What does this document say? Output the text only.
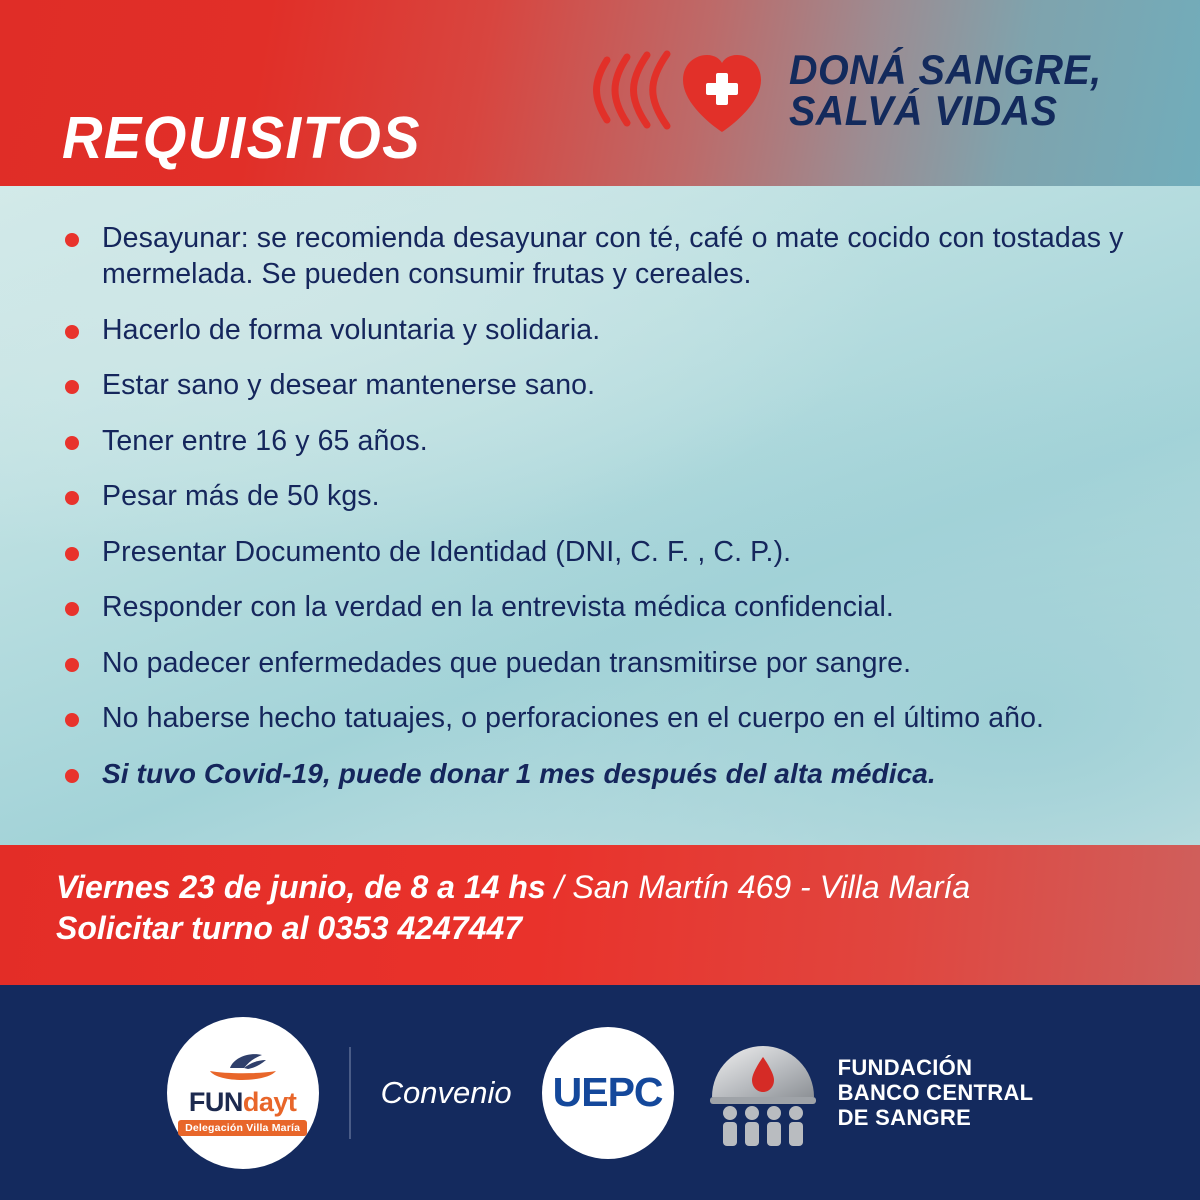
REQUISITOS
DONÁ SANGRE,
SALVÁ VIDAS
Desayunar: se recomienda desayunar con té, café o mate cocido con tostadas y mermelada. Se pueden consumir frutas y cereales.
Hacerlo de forma voluntaria y solidaria.
Estar sano y desear mantenerse sano.
Tener entre 16 y 65 años.
Pesar más de 50 kgs.
Presentar Documento de Identidad (DNI, C. F. , C. P.).
Responder con la verdad en la entrevista médica confidencial.
No padecer enfermedades que puedan transmitirse por sangre.
No haberse hecho tatuajes, o perforaciones en el cuerpo en el último año.
Si tuvo Covid-19, puede donar 1 mes después del alta médica.
Viernes 23 de junio, de 8 a 14 hs / San Martín 469 - Villa María
Solicitar turno al 0353 4247447
FUNdayt
Delegación Villa María
Convenio UEPC
FUNDACIÓN
BANCO CENTRAL
DE SANGRE
